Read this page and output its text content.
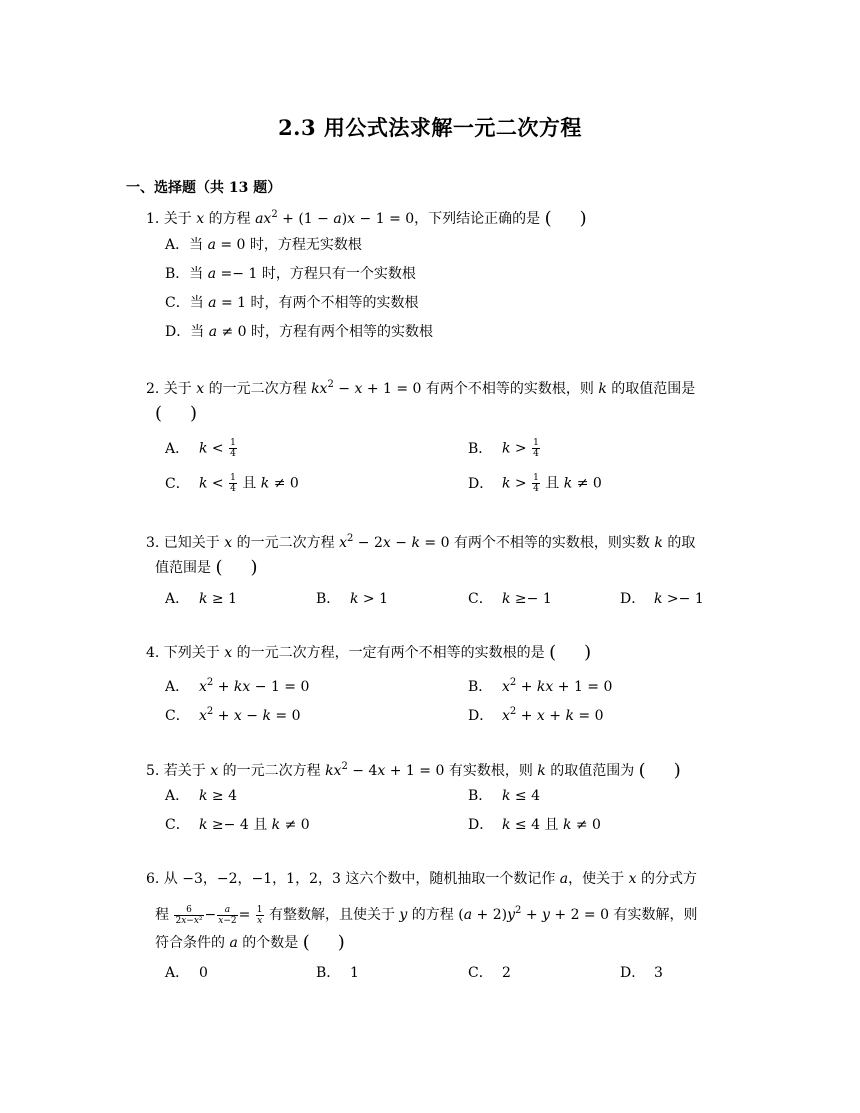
2.3 用公式法求解一元二次方程
一、选择题（共 13 题）
1. 关于 x 的方程 $ax^2 + (1 - a)x - 1 = 0$，下列结论正确的是 (　　 )
A．当 a = 0 时，方程无实数根
B．当 a =− 1 时，方程只有一个实数根
C．当 a = 1 时，有两个不相等的实数根
D．当 a ≠ 0 时，方程有两个相等的实数根
2. 关于 x 的一元二次方程 $kx^2 - x + 1 = 0$ 有两个不相等的实数根，则 k 的取值范围是
(　　 )
A． $k < \frac{1}{4}$	B． $k > \frac{1}{4}$
C． $k < \frac{1}{4}$ 且 k ≠ 0	D． $k > \frac{1}{4}$ 且 k ≠ 0
3. 已知关于 x 的一元二次方程 $x^2 - 2x - k = 0$ 有两个不相等的实数根，则实数 k 的取
值范围是 (　　 )
A． k ≥ 1	B． k > 1	C． k ≥− 1	D． k >− 1
4. 下列关于 x 的一元二次方程，一定有两个不相等的实数根的是 (　　 )
A． $x^2$ + kx − 1 = 0	B． $x^2$ + kx + 1 = 0
C． $x^2 + x - k = 0$	D． $x^2 + x + k = 0$
5. 若关于 x 的一元二次方程 $kx^2 - 4x + 1 = 0$ 有实数根，则 k 的取值范围为 (　　 )
A． k ≥ 4	B． k ≤ 4
C． k ≥− 4 且 k ≠ 0	D． k ≤ 4 且 k ≠ 0
6. 从 −3，−2，−1，1，2，3 这六个数中，随机抽取一个数记作 a，使关于 x 的分式方
程 $\frac{6}{\text{2x−x²}} - \frac{a}{x-2} = \frac{1}{x}$ 有整数解，且使关于 y 的方程 $(a + 2)y^2 + y + 2 = 0$ 有实数解，则
符合条件的 a 的个数是 (　　 )
A． 0	B． 1	C． 2	D． 3
